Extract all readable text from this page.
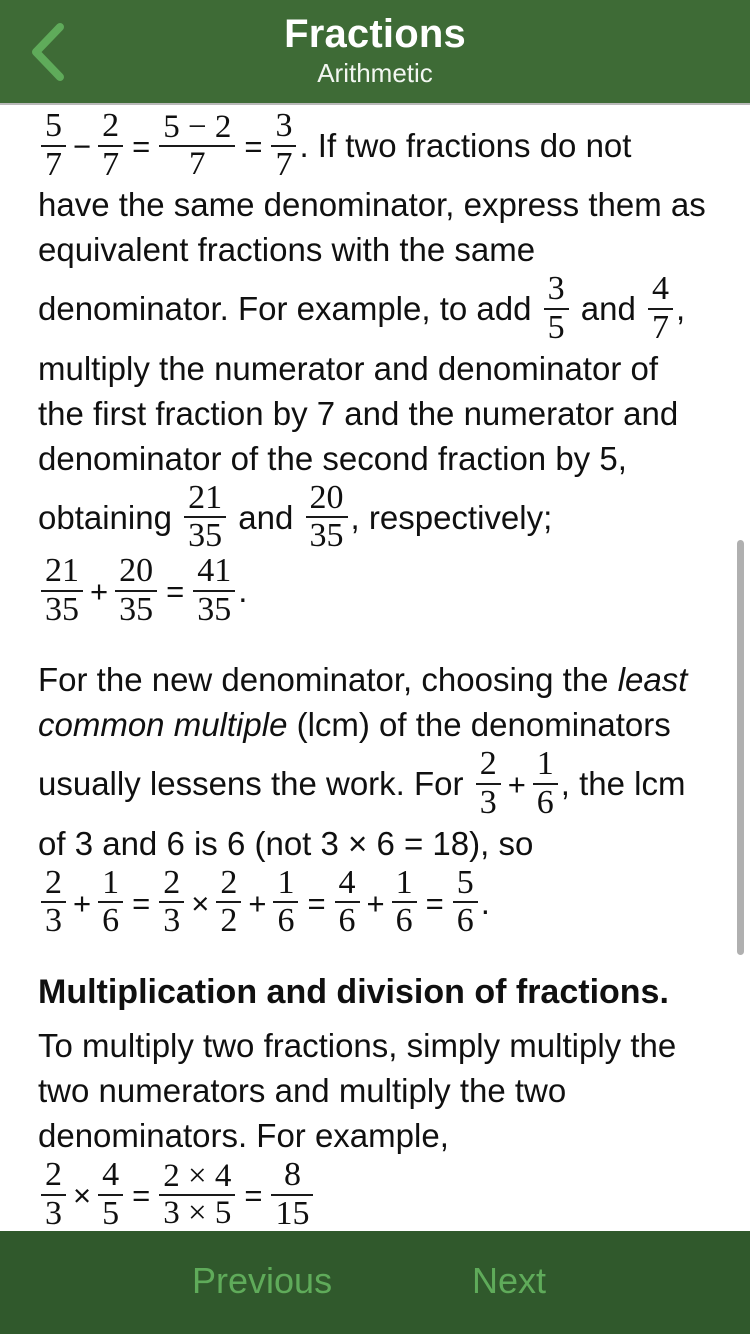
Fractions
Arithmetic

$\frac{5}{7} - \frac{2}{7} = \frac{5 - 2}{7} = \frac{3}{7}$ . If two fractions do not have the same denominator, express them as equivalent fractions with the same denominator. For example, to add $\frac{3}{5}$ and $\frac{4}{7}$ , multiply the numerator and denominator of the first fraction by 7 and the numerator and denominator of the second fraction by 5, obtaining $\frac{21}{35}$ and $\frac{20}{35}$ , respectively;

$\frac{21}{35} + \frac{20}{35} = \frac{41}{35}$ .

For the new denominator, choosing the least common multiple (lcm) of the denominators usually lessens the work. For $\frac{2}{3} + \frac{1}{6}$ , the lcm of 3 and 6 is 6 (not 3 × 6 = 18), so

$\frac{2}{3} + \frac{1}{6} = \frac{2}{3} \times \frac{2}{2} + \frac{1}{6} = \frac{4}{6} + \frac{1}{6} = \frac{5}{6}$ .

Multiplication and division of fractions.

To multiply two fractions, simply multiply the two numerators and multiply the two denominators. For example,

$\frac{2}{3} \times \frac{4}{5} = \frac{2 \times 4}{3 \times 5} = \frac{8}{15}$

Previous	Next
